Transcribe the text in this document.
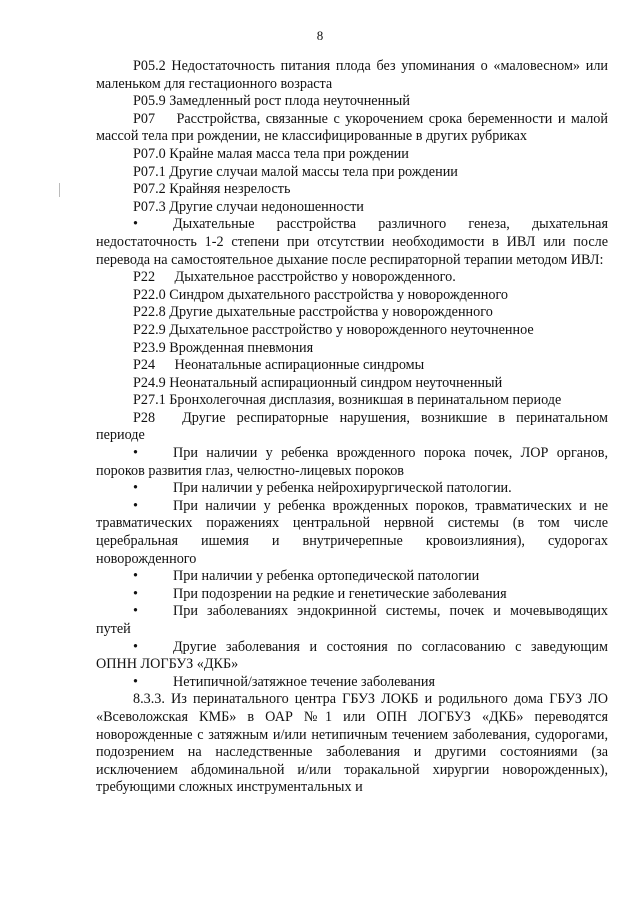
8

P05.2 Недостаточность питания плода без упоминания о «маловесном» или маленьком для гестационного возраста

P05.9 Замедленный рост плода неуточненный

P07 Расстройства, связанные с укорочением срока беременности и малой массой тела при рождении, не классифицированные в других рубриках

P07.0 Крайне малая масса тела при рождении

P07.1 Другие случаи малой массы тела при рождении

P07.2 Крайняя незрелость

P07.3 Другие случаи недоношенности

• Дыхательные расстройства различного генеза, дыхательная недостаточность 1-2 степени при отсутствии необходимости в ИВЛ или после перевода на самостоятельное дыхание после респираторной терапии методом ИВЛ:

P22 Дыхательное расстройство у новорожденного.

P22.0 Синдром дыхательного расстройства у новорожденного

P22.8 Другие дыхательные расстройства у новорожденного

P22.9 Дыхательное расстройство у новорожденного неуточненное

P23.9 Врожденная пневмония

P24 Неонатальные аспирационные синдромы

P24.9 Неонатальный аспирационный синдром неуточненный

P27.1 Бронхолегочная дисплазия, возникшая в перинатальном периоде

P28 Другие респираторные нарушения, возникшие в перинатальном периоде

• При наличии у ребенка врожденного порока почек, ЛОР органов, пороков развития глаз, челюстно-лицевых пороков

• При наличии у ребенка нейрохирургической патологии.

• При наличии у ребенка врожденных пороков, травматических и не травматических поражениях центральной нервной системы (в том числе церебральная ишемия и внутричерепные кровоизлияния), судорогах новорожденного

• При наличии у ребенка ортопедической патологии

• При подозрении на редкие и генетические заболевания

• При заболеваниях эндокринной системы, почек и мочевыводящих путей

• Другие заболевания и состояния по согласованию с заведующим ОПНН ЛОГБУЗ «ДКБ»

• Нетипичной/затяжное течение заболевания

8.3.3. Из перинатального центра ГБУЗ ЛОКБ и родильного дома ГБУЗ ЛО «Всеволожская КМБ» в ОАР №1 или ОПН ЛОГБУЗ «ДКБ» переводятся новорожденные с затяжным и/или нетипичным течением заболевания, судорогами, подозрением на наследственные заболевания и другими состояниями (за исключением абдоминальной и/или торакальной хирургии новорожденных), требующими сложных инструментальных и
